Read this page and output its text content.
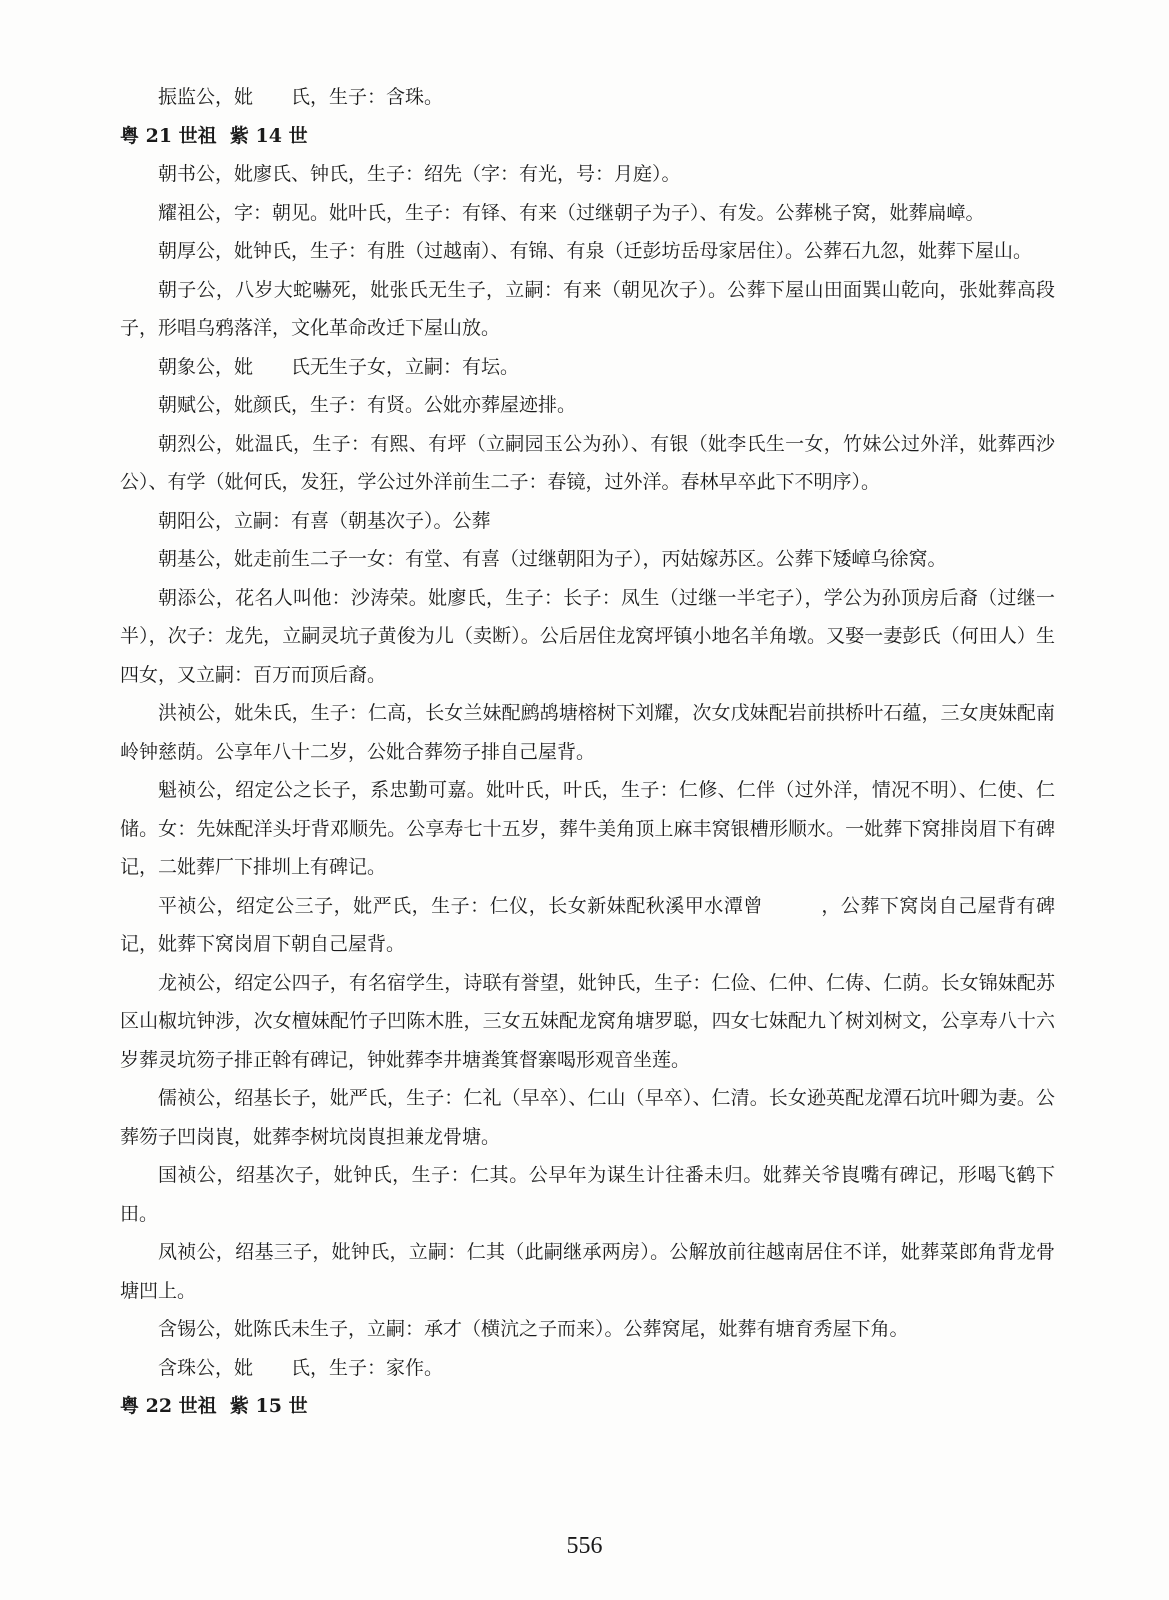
振监公，妣　　氏，生子：含珠。

粤 21 世祖  紫 14 世

朝书公，妣廖氏、钟氏，生子：绍先（字：有光，号：月庭）。

耀祖公，字：朝见。妣叶氏，生子：有铎、有来（过继朝子为子）、有发。公葬桃子窝，妣葬扁嶂。

朝厚公，妣钟氏，生子：有胜（过越南）、有锦、有泉（迁彭坊岳母家居住）。公葬石九忽，妣葬下屋山。

朝子公，八岁大蛇嚇死，妣张氏无生子，立嗣：有来（朝见次子）。公葬下屋山田面巽山乾向，张妣葬高段子，形唱乌鸦落洋，文化革命改迁下屋山放。

朝象公，妣　　氏无生子女，立嗣：有坛。

朝赋公，妣颜氏，生子：有贤。公妣亦葬屋迹排。

朝烈公，妣温氏，生子：有熙、有坪（立嗣园玉公为孙）、有银（妣李氏生一女，竹妹公过外洋，妣葬西沙公）、有学（妣何氏，发狂，学公过外洋前生二子：春镜，过外洋。春林早卒此下不明序）。

朝阳公，立嗣：有喜（朝基次子）。公葬

朝基公，妣走前生二子一女：有堂、有喜（过继朝阳为子），丙姑嫁苏区。公葬下矮嶂乌徐窝。

朝添公，花名人叫他：沙涛荣。妣廖氏，生子：长子：凤生（过继一半宅子），学公为孙顶房后裔（过继一半），次子：龙先，立嗣灵坑子黄俊为儿（卖断）。公后居住龙窝坪镇小地名羊角墩。又娶一妻彭氏（何田人）生四女，又立嗣：百万而顶后裔。

洪祯公，妣朱氏，生子：仁高，长女兰妹配鹧鸪塘榕树下刘耀，次女戊妹配岩前拱桥叶石蕴，三女庚妹配南岭钟慈荫。公享年八十二岁，公妣合葬笏子排自己屋背。

魁祯公，绍定公之长子，系忠勤可嘉。妣叶氏，叶氏，生子：仁修、仁伴（过外洋，情况不明）、仁使、仁储。女：先妹配洋头圩背邓顺先。公享寿七十五岁，葬牛美角顶上麻丰窝银槽形顺水。一妣葬下窝排岗眉下有碑记，二妣葬厂下排圳上有碑记。

平祯公，绍定公三子，妣严氏，生子：仁仪，长女新妹配秋溪甲水潭曾　　　，公葬下窝岗自己屋背有碑记，妣葬下窝岗眉下朝自己屋背。

龙祯公，绍定公四子，有名宿学生，诗联有誉望，妣钟氏，生子：仁俭、仁仲、仁俦、仁荫。长女锦妹配苏区山椒坑钟涉，次女檀妹配竹子凹陈木胜，三女五妹配龙窝角塘罗聪，四女七妹配九丫树刘树文，公享寿八十六岁葬灵坑笏子排正斡有碑记，钟妣葬李井塘粪箕督寨喝形观音坐莲。

儒祯公，绍基长子，妣严氏，生子：仁礼（早卒）、仁山（早卒）、仁清。长女逊英配龙潭石坑叶卿为妻。公葬笏子凹岗崀，妣葬李树坑岗崀担兼龙骨塘。

国祯公，绍基次子，妣钟氏，生子：仁其。公早年为谋生计往番未归。妣葬关爷崀嘴有碑记，形喝飞鹤下田。

凤祯公，绍基三子，妣钟氏，立嗣：仁其（此嗣继承两房）。公解放前往越南居住不详，妣葬菜郎角背龙骨塘凹上。

含锡公，妣陈氏未生子，立嗣：承才（横沆之子而来）。公葬窝尾，妣葬有塘育秀屋下角。

含珠公，妣　　氏，生子：家作。

粤 22 世祖  紫 15 世

556
